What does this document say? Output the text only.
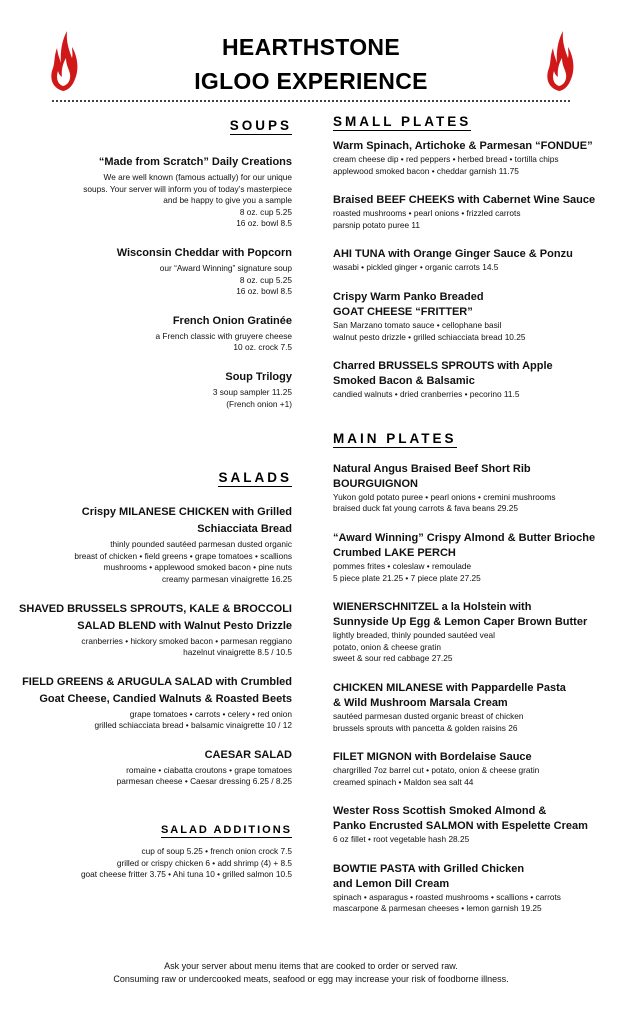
HEARTHSTONE
IGLOO EXPERIENCE
SOUPS
“Made from Scratch” Daily Creations
We are well known (famous actually) for our unique
soups. Your server will inform you of today’s masterpiece
and be happy to give you a sample
8 oz. cup 5.25
16 oz. bowl 8.5
Wisconsin Cheddar with Popcorn
our “Award Winning” signature soup
8 oz. cup 5.25
16 oz. bowl 8.5
French Onion Gratinée
a French classic with gruyere cheese
10 oz. crock 7.5
Soup Trilogy
3 soup sampler 11.25
(French onion +1)
SALADS
Crispy MILANESE CHICKEN with Grilled
Schiacciata Bread
thinly pounded sautéed parmesan dusted organic
breast of chicken • field greens • grape tomatoes • scallions
mushrooms • applewood smoked bacon • pine nuts
creamy parmesan vinaigrette 16.25
SHAVED BRUSSELS SPROUTS, KALE & BROCCOLI
SALAD BLEND with Walnut Pesto Drizzle
cranberries • hickory smoked bacon • parmesan reggiano
hazelnut vinaigrette 8.5 / 10.5
FIELD GREENS & ARUGULA SALAD with Crumbled
Goat Cheese, Candied Walnuts & Roasted Beets
grape tomatoes • carrots • celery • red onion
grilled schiacciata bread • balsamic vinaigrette 10 / 12
CAESAR SALAD
romaine • ciabatta croutons • grape tomatoes
parmesan cheese • Caesar dressing 6.25 / 8.25
SALAD ADDITIONS
cup of soup 5.25 • french onion crock 7.5
grilled or crispy chicken 6 • add shrimp (4) + 8.5
goat cheese fritter 3.75 • Ahi tuna 10 • grilled salmon 10.5
SMALL PLATES
Warm Spinach, Artichoke & Parmesan “FONDUE”
cream cheese dip • red peppers • herbed bread • tortilla chips
applewood smoked bacon • cheddar garnish 11.75
Braised BEEF CHEEKS with Cabernet Wine Sauce
roasted mushrooms • pearl onions • frizzled carrots
parsnip potato puree 11
AHI TUNA with Orange Ginger Sauce & Ponzu
wasabi • pickled ginger • organic carrots 14.5
Crispy Warm Panko Breaded
GOAT CHEESE “FRITTER”
San Marzano tomato sauce • cellophane basil
walnut pesto drizzle • grilled schiacciata bread 10.25
Charred BRUSSELS SPROUTS with Apple
Smoked Bacon & Balsamic
candied walnuts • dried cranberries • pecorino 11.5
MAIN PLATES
Natural Angus Braised Beef Short Rib BOURGUIGNON
Yukon gold potato puree • pearl onions • cremini mushrooms
braised duck fat young carrots & fava beans 29.25
“Award Winning” Crispy Almond & Butter Brioche
Crumbed LAKE PERCH
pommes frites • coleslaw • remoulade
5 piece plate 21.25 • 7 piece plate 27.25
WIENERSCHNITZEL a la Holstein with
Sunnyside Up Egg & Lemon Caper Brown Butter
lightly breaded, thinly pounded sautéed veal
potato, onion & cheese gratin
sweet & sour red cabbage 27.25
CHICKEN MILANESE with Pappardelle Pasta
& Wild Mushroom Marsala Cream
sautéed parmesan dusted organic breast of chicken
brussels sprouts with pancetta & golden raisins 26
FILET MIGNON with Bordelaise Sauce
chargrilled 7oz barrel cut • potato, onion & cheese gratin
creamed spinach • Maldon sea salt 44
Wester Ross Scottish Smoked Almond &
Panko Encrusted SALMON with Espelette Cream
6 oz fillet • root vegetable hash 28.25
BOWTIE PASTA with Grilled Chicken
and Lemon Dill Cream
spinach • asparagus • roasted mushrooms • scallions • carrots
mascarpone & parmesan cheeses • lemon garnish 19.25
Ask your server about menu items that are cooked to order or served raw.
Consuming raw or undercooked meats, seafood or egg may increase your risk of foodborne illness.
